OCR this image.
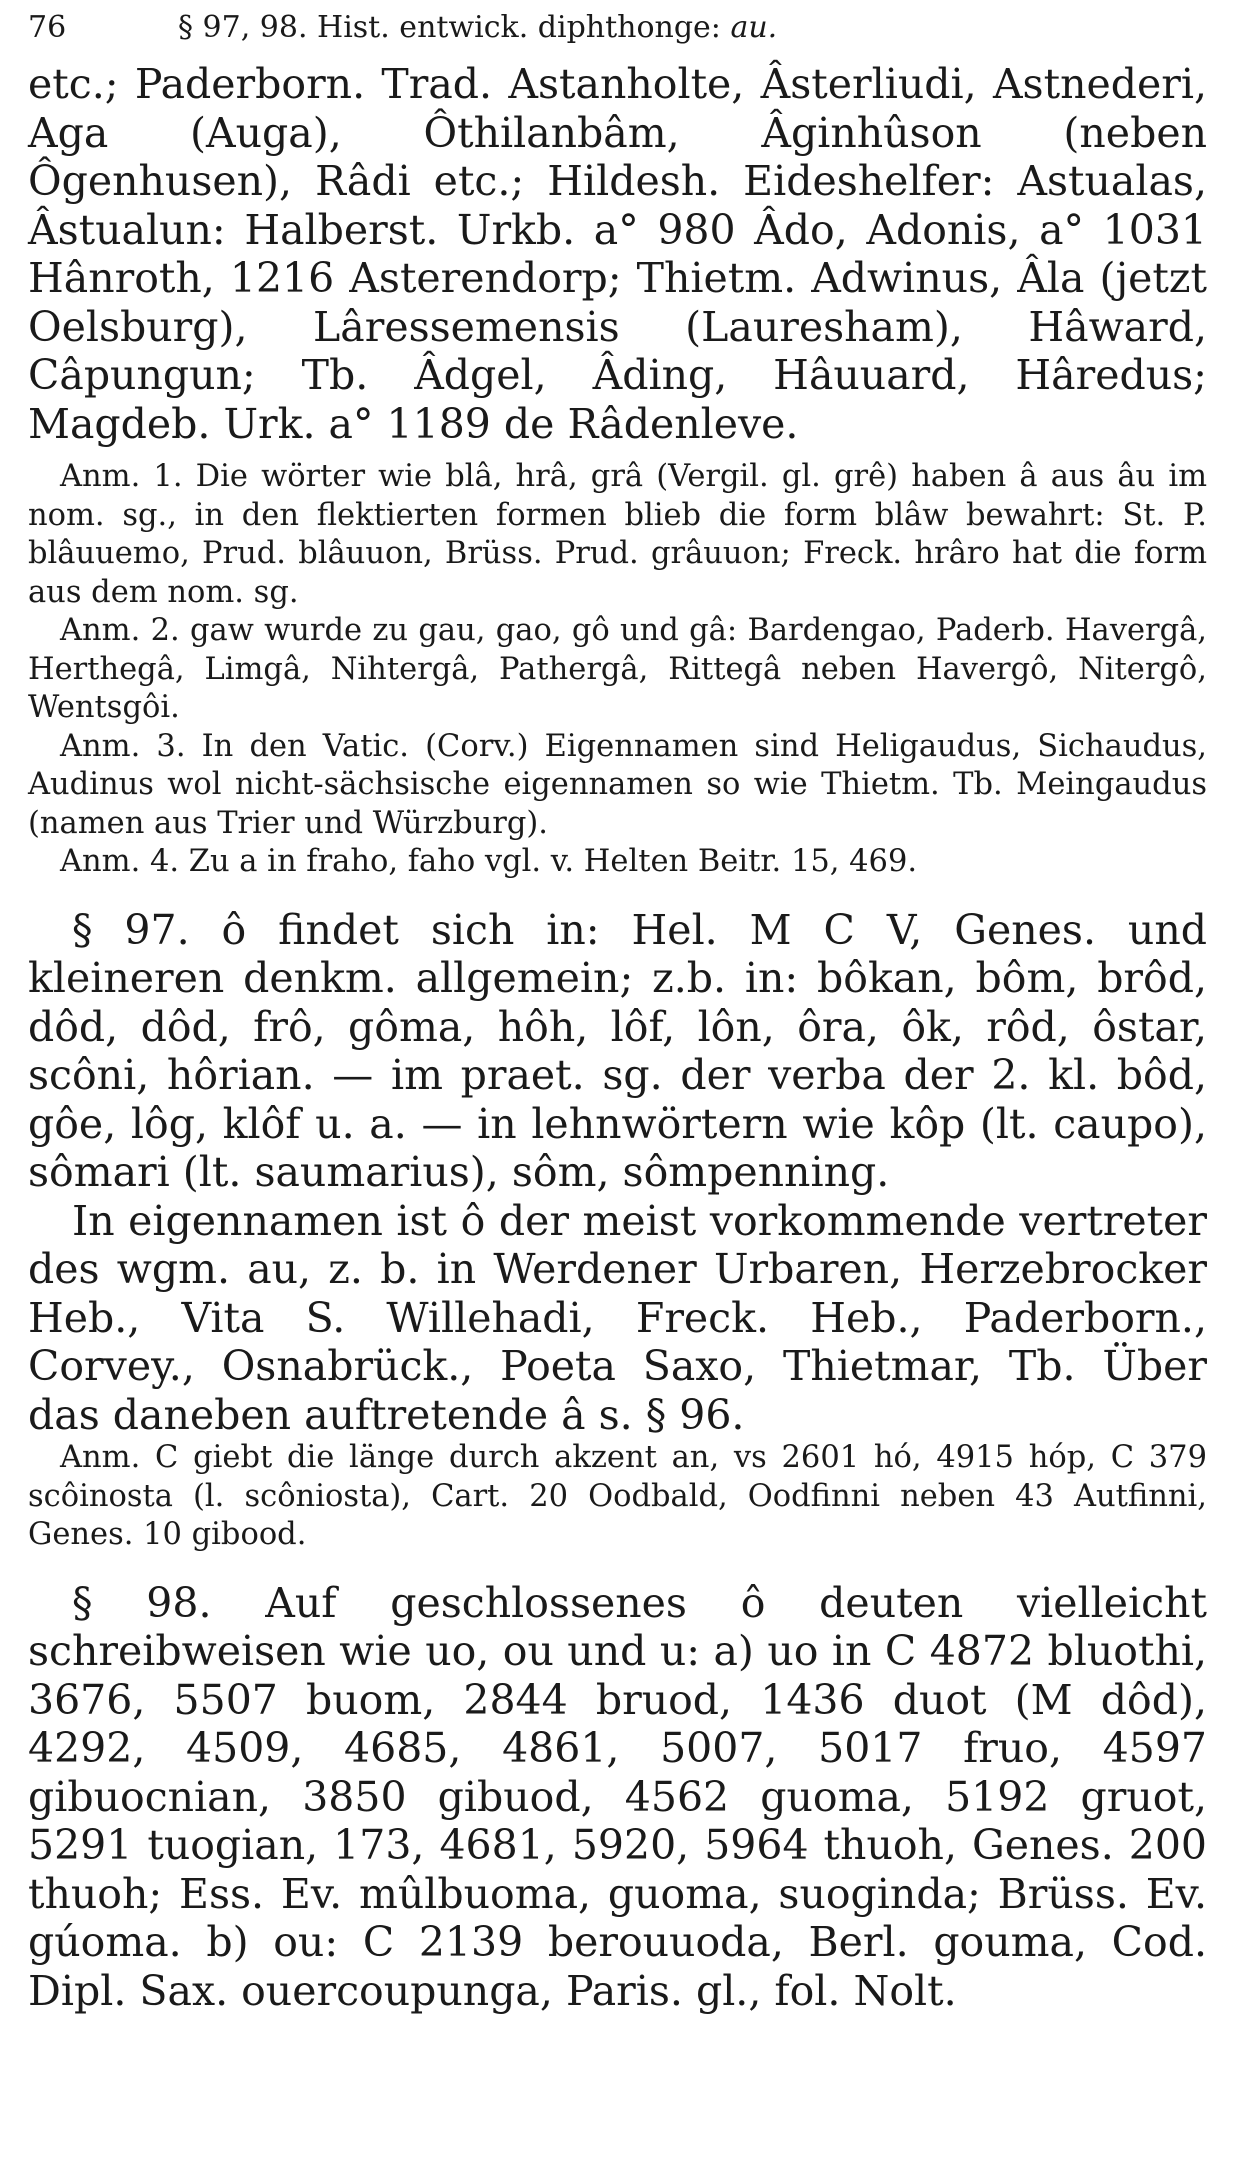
76	§ 97, 98. Hist. entwick. diphthonge: au.

etc.; Paderborn. Trad. Astanholte, Âsterliudi, Astnederi, Aga (Auga), Ôthilanbâm, Âginhûson (neben Ôgenhusen), Râdi etc.; Hildesh. Eideshelfer: Astualas, Âstualun: Halberst. Urkb. a° 980 Âdo, Adonis, a° 1031 Hânroth, 1216 Asterendorp; Thietm. Adwinus, Âla (jetzt Oelsburg), Lâressemensis (Lauresham), Hâward, Câpungun; Tb. Âdgel, Âding, Hâuuard, Hâredus; Magdeb. Urk. a° 1189 de Râdenleve.

Anm. 1. Die wörter wie blâ, hrâ, grâ (Vergil. gl. grê) haben â aus âu im nom. sg., in den flektierten formen blieb die form blâw bewahrt: St. P. blâuuemo, Prud. blâuuon, Brüss. Prud. grâuuon; Freck. hrâro hat die form aus dem nom. sg.

Anm. 2. gaw wurde zu gau, gao, gô und gâ: Bardengao, Paderb. Havergâ, Herthegâ, Limgâ, Nihtergâ, Pathergâ, Rittegâ neben Havergô, Nitergô, Wentsgôi.

Anm. 3. In den Vatic. (Corv.) Eigennamen sind Heligaudus, Sichaudus, Audinus wol nicht-sächsische eigennamen so wie Thietm. Tb. Meingaudus (namen aus Trier und Würzburg).

Anm. 4. Zu a in fraho, faho vgl. v. Helten Beitr. 15, 469.

§ 97. ô findet sich in: Hel. M C V, Genes. und kleineren denkm. allgemein; z.b. in: bôkan, bôm, brôd, dôd, dôd, frô, gôma, hôh, lôf, lôn, ôra, ôk, rôd, ôstar, scôni, hôrian. — im praet. sg. der verba der 2. kl. bôd, gôe, lôg, klôf u. a. — in lehnwörtern wie kôp (lt. caupo), sômari (lt. saumarius), sôm, sômpenning.

In eigennamen ist ô der meist vorkommende vertreter des wgm. au, z. b. in Werdener Urbaren, Herzebrocker Heb., Vita S. Willehadi, Freck. Heb., Paderborn., Corvey., Osnabrück., Poeta Saxo, Thietmar, Tb. Über das daneben auftretende â s. § 96.

Anm. C giebt die länge durch akzent an, vs 2601 hó, 4915 hóp, C 379 scôinosta (l. scôniosta), Cart. 20 Oodbald, Oodfinni neben 43 Autfinni, Genes. 10 gibood.

§ 98. Auf geschlossenes ô deuten vielleicht schreibweisen wie uo, ou und u: a) uo in C 4872 bluothi, 3676, 5507 buom, 2844 bruod, 1436 duot (M dôd), 4292, 4509, 4685, 4861, 5007, 5017 fruo, 4597 gibuocnian, 3850 gibuod, 4562 guoma, 5192 gruot, 5291 tuogian, 173, 4681, 5920, 5964 thuoh, Genes. 200 thuoh; Ess. Ev. mûlbuoma, guoma, suoginda; Brüss. Ev. gúoma. b) ou: C 2139 berouuoda, Berl. gouma, Cod. Dipl. Sax. ouercoupunga, Paris. gl., fol. Nolt.
